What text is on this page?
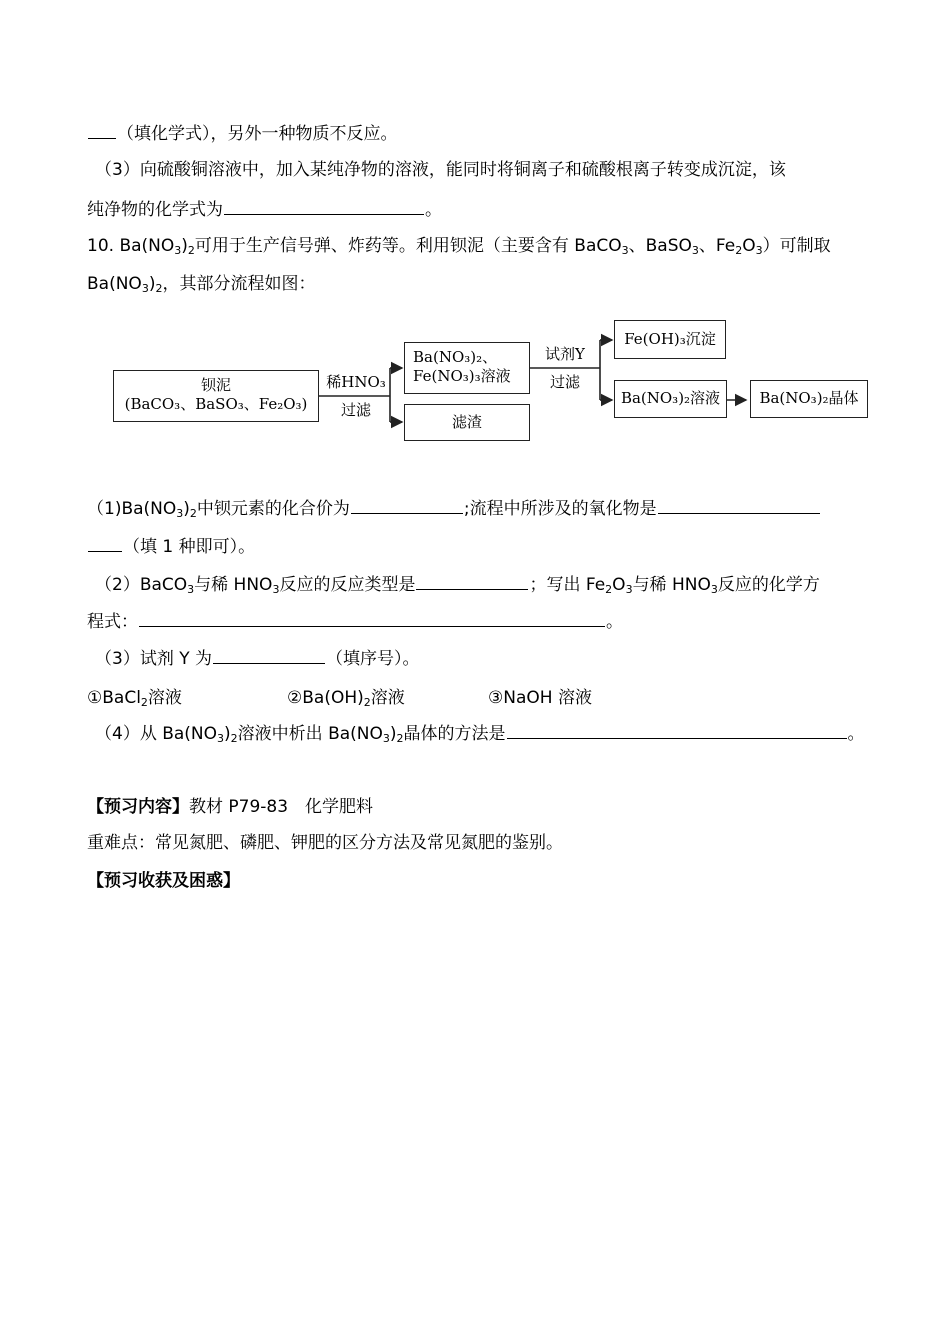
（填化学式），另外一种物质不反应。
（3）向硫酸铜溶液中，加入某纯净物的溶液，能同时将铜离子和硫酸根离子转变成沉淀，该
纯净物的化学式为	。
10. $Ba(NO_3)_2$可用于生产信号弹、炸药等。利用钡泥（主要含有 BaCO$_3$、BaSO$_3$、$Fe_2O_3$）可制取
$Ba(NO_3)_2$，其部分流程如图：
钡泥
(BaCO₃、BaSO₃、Fe₂O₃)
稀HNO₃
过滤
Ba(NO₃)₂、
Fe(NO₃)₃溶液
滤渣
试剂Y
过滤
Fe(OH)₃沉淀
Ba(NO₃)₂溶液	Ba(NO₃)₂晶体
$(1)Ba(NO_3)_2$中钡元素的化合价为	;流程中所涉及的氧化物是
（填 1 种即可）。
（2）BaCO$_3$与稀 $HNO_3$反应的反应类型是	；写出 $Fe_2O_3$与稀 $HNO_3$反应的化学方
程式：	。
（3）试剂 Y 为	（填序号）。
①BaCl$_2$溶液	$②Ba(OH)_2$溶液	③NaOH 溶液
（4）从 $Ba(NO_3)_2$溶液中析出 $Ba(NO_3)_2$晶体的方法是	。
【预习内容】教材 P79-83　化学肥料
重难点：常见氮肥、磷肥、钾肥的区分方法及常见氮肥的鉴别。
【预习收获及困惑】
